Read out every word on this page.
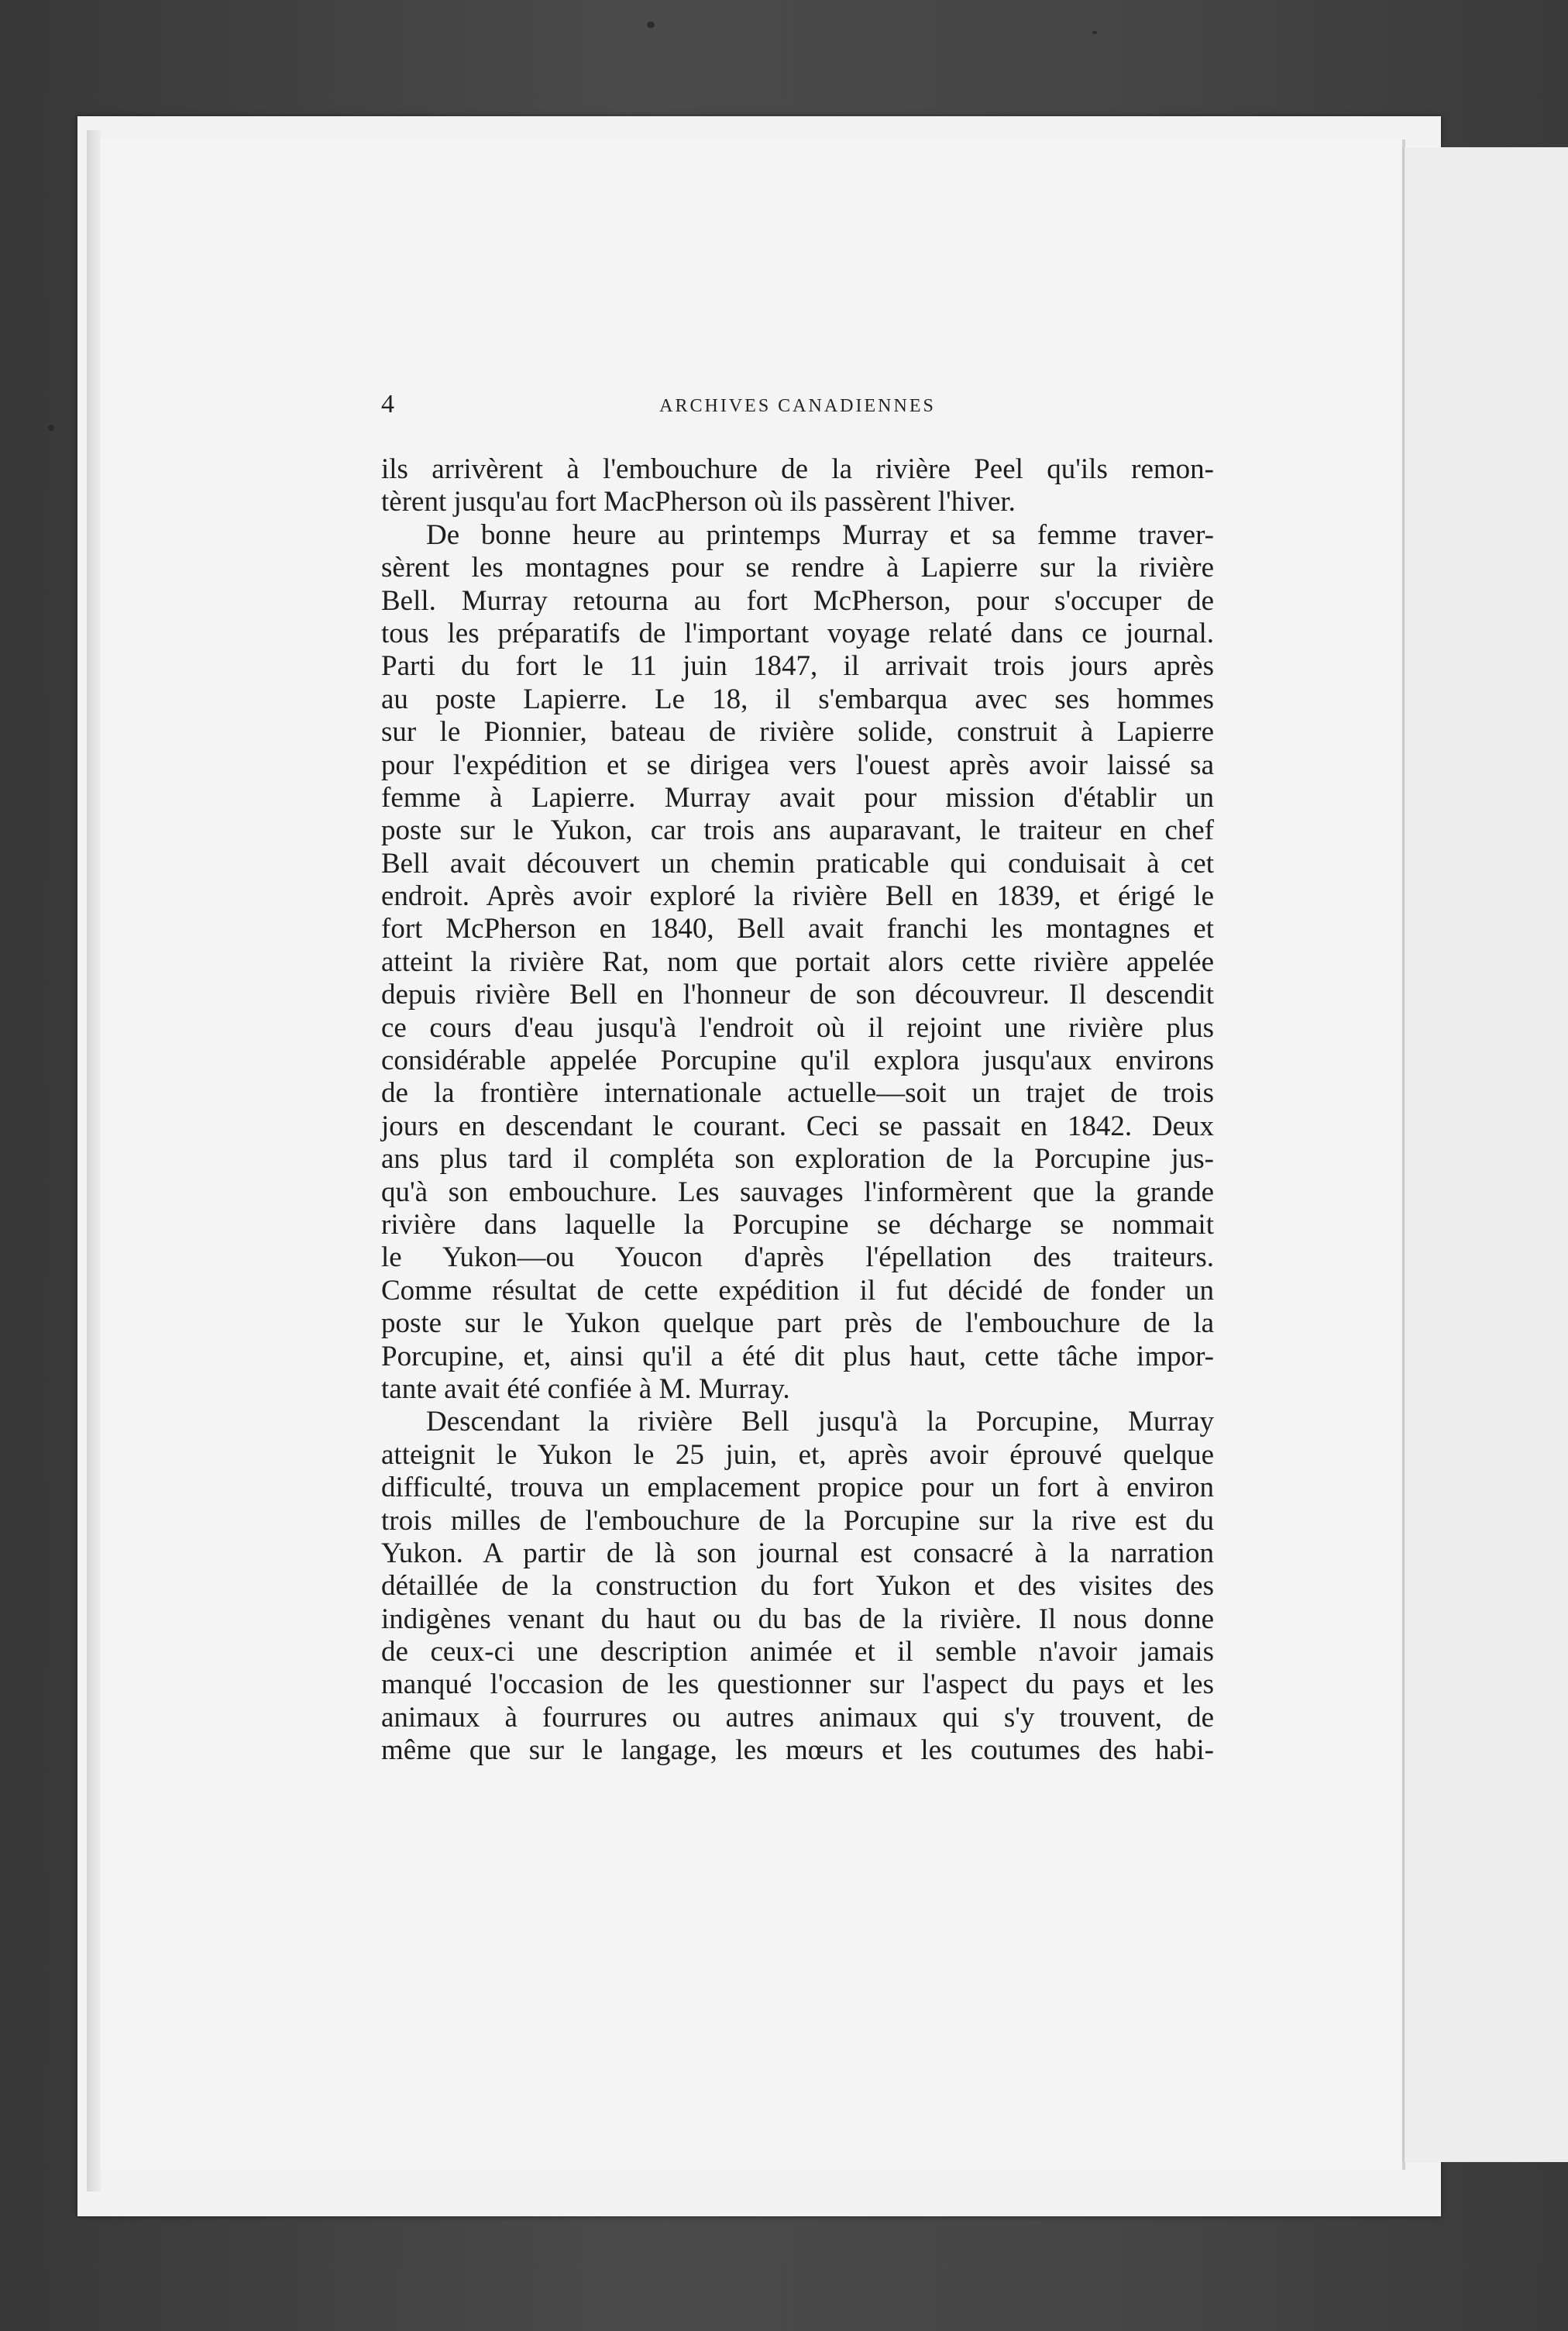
4	ARCHIVES CANADIENNES
ils arrivèrent à l'embouchure de la rivière Peel qu'ils remon-
tèrent jusqu'au fort MacPherson où ils passèrent l'hiver.
De bonne heure au printemps Murray et sa femme traver-
sèrent les montagnes pour se rendre à Lapierre sur la rivière
Bell. Murray retourna au fort McPherson, pour s'occuper de
tous les préparatifs de l'important voyage relaté dans ce journal.
Parti du fort le 11 juin 1847, il arrivait trois jours après
au poste Lapierre. Le 18, il s'embarqua avec ses hommes
sur le Pionnier, bateau de rivière solide, construit à Lapierre
pour l'expédition et se dirigea vers l'ouest après avoir laissé sa
femme à Lapierre. Murray avait pour mission d'établir un
poste sur le Yukon, car trois ans auparavant, le traiteur en chef
Bell avait découvert un chemin praticable qui conduisait à cet
endroit. Après avoir exploré la rivière Bell en 1839, et érigé le
fort McPherson en 1840, Bell avait franchi les montagnes et
atteint la rivière Rat, nom que portait alors cette rivière appelée
depuis rivière Bell en l'honneur de son découvreur. Il descendit
ce cours d'eau jusqu'à l'endroit où il rejoint une rivière plus
considérable appelée Porcupine qu'il explora jusqu'aux environs
de la frontière internationale actuelle—soit un trajet de trois
jours en descendant le courant. Ceci se passait en 1842. Deux
ans plus tard il compléta son exploration de la Porcupine jus-
qu'à son embouchure. Les sauvages l'informèrent que la grande
rivière dans laquelle la Porcupine se décharge se nommait
le Yukon—ou Youcon d'après l'épellation des traiteurs.
Comme résultat de cette expédition il fut décidé de fonder un
poste sur le Yukon quelque part près de l'embouchure de la
Porcupine, et, ainsi qu'il a été dit plus haut, cette tâche impor-
tante avait été confiée à M. Murray.
Descendant la rivière Bell jusqu'à la Porcupine, Murray
atteignit le Yukon le 25 juin, et, après avoir éprouvé quelque
difficulté, trouva un emplacement propice pour un fort à environ
trois milles de l'embouchure de la Porcupine sur la rive est du
Yukon. A partir de là son journal est consacré à la narration
détaillée de la construction du fort Yukon et des visites des
indigènes venant du haut ou du bas de la rivière. Il nous donne
de ceux-ci une description animée et il semble n'avoir jamais
manqué l'occasion de les questionner sur l'aspect du pays et les
animaux à fourrures ou autres animaux qui s'y trouvent, de
même que sur le langage, les mœurs et les coutumes des habi-
